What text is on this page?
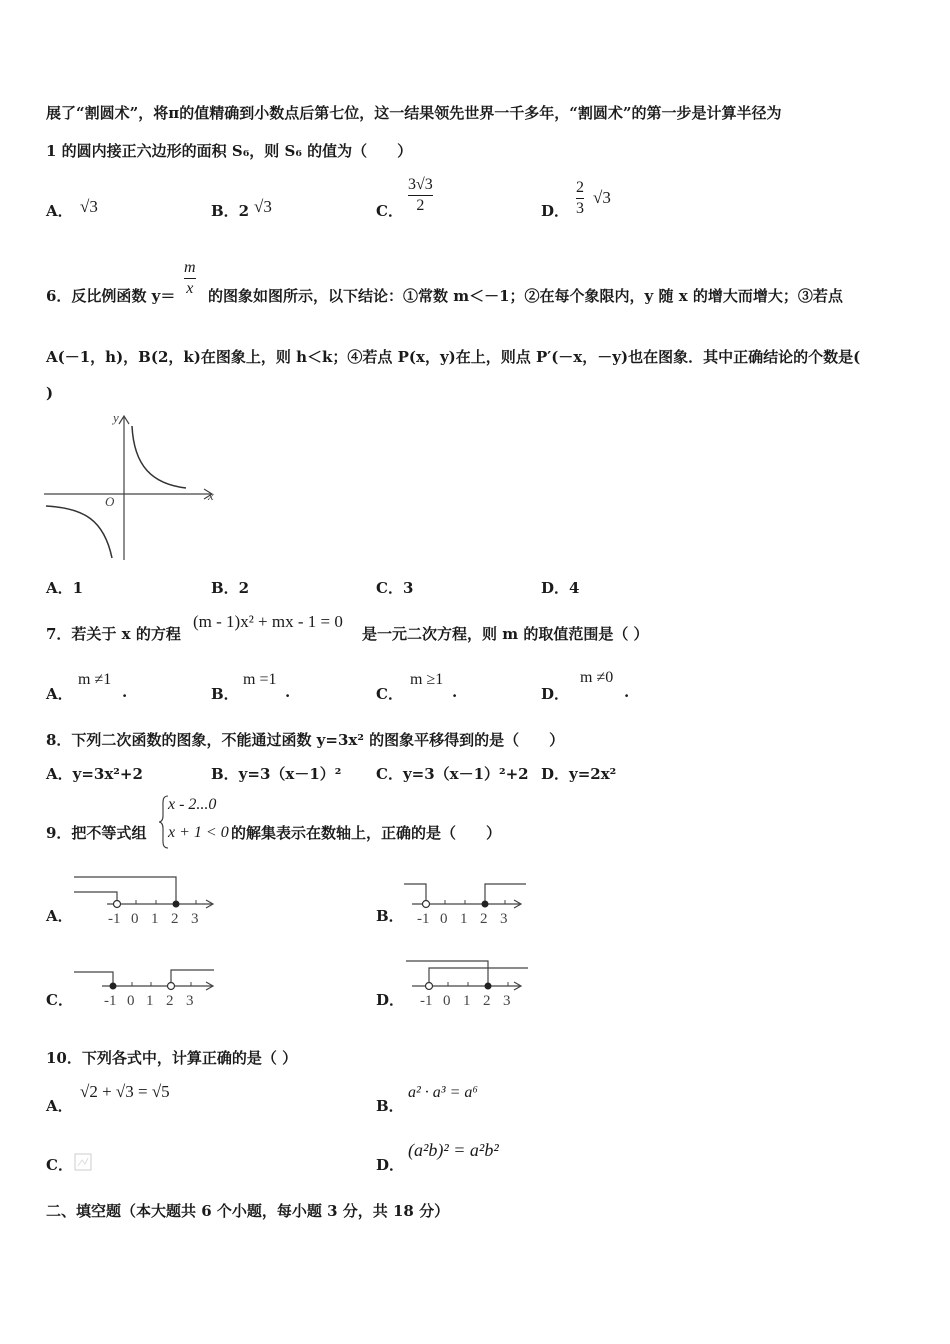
展了“割圆术”，将π的值精确到小数点后第七位，这一结果领先世界一千多年，“割圆术”的第一步是计算半径为
1 的圆内接正六边形的面积 S₆，则 S₆ 的值为（　　）
A． √3	B．2 √3	C．
3√3
2	D．
2
3
√3
6．反比例函数 y＝
m
x 的图象如图所示，以下结论：①常数 m＜－1；②在每个象限内，y 随 x 的增大而增大；③若点
A(－1，h)，B(2，k)在图象上，则 h＜k；④若点 P(x，y)在上，则点 P′(－x，－y)也在图象．其中正确结论的个数是(
)
y
x
O
A．1	B．2	C．3	D．4
7．若关于 x 的方程
(m - 1)x² + mx - 1 = 0
是一元二次方程，则 m 的取值范围是（ ）
A．
m ≠1
.	B．
m =1
.	C．
m ≥1
.	D．
m ≠0
.
8．下列二次函数的图象，不能通过函数 y=3x² 的图象平移得到的是（　　）
A．y=3x²+2	B．y=3（x－1）² C．y=3（x－1）²+2 D．y=2x²
9．把不等式组
x - 2...0
x + 1 < 0 的解集表示在数轴上，正确的是（　　）
A．	B．
C．	D．
-1 0 1 2 3	-1 0 1 2 3
-1 0 1 2 3	-1 0 1 2 3
10．下列各式中，计算正确的是（ ）
A．
√2 + √3 = √5
B．
a² · a³ = a⁶
C．	D．
(a²b)² = a²b²
二、填空题（本大题共 6 个小题，每小题 3 分，共 18 分）
